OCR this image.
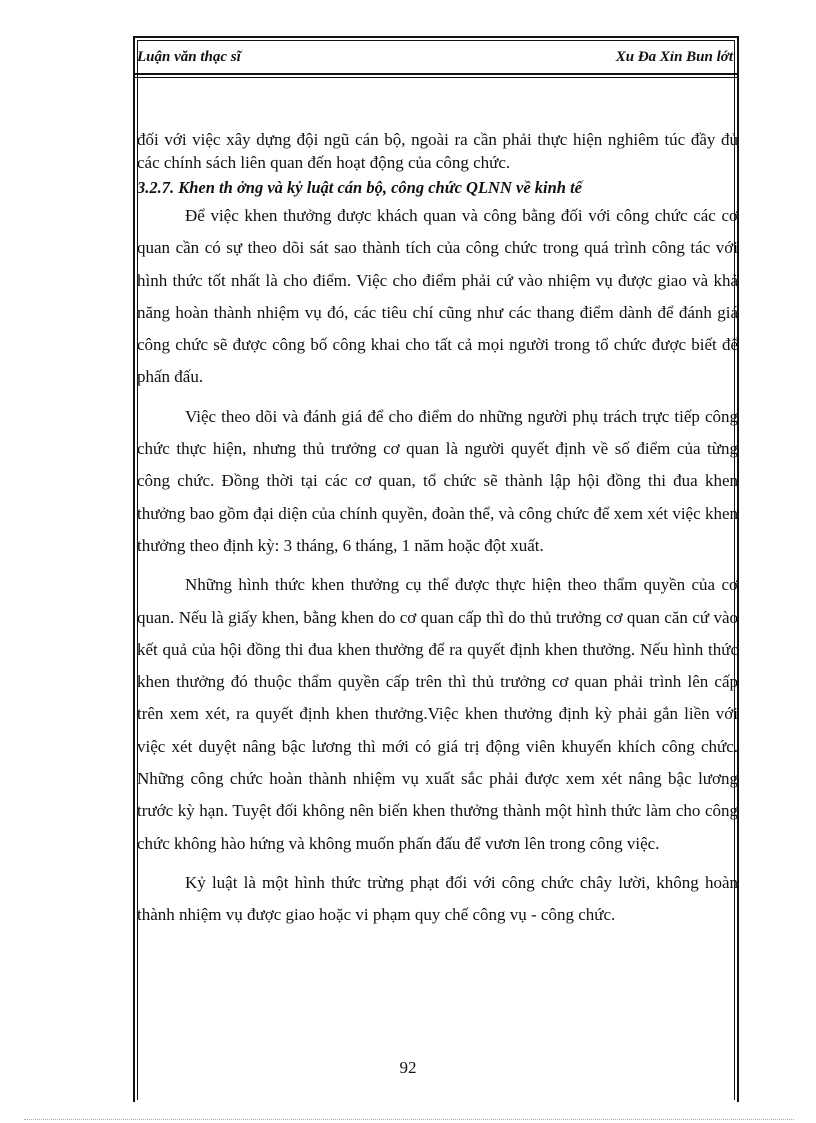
Luận văn thạc sĩ	Xu Đa Xỉn Bun lớt

đối với việc xây dựng đội ngũ cán bộ, ngoài ra cần phải thực hiện nghiêm túc đầy đủ các chính sách liên quan đến hoạt động của công chức.

3.2.7. Khen th ởng và kỷ luật cán bộ, công chức QLNN về kinh tế

Để việc khen thưởng được khách quan và công bằng đối với công chức các cơ quan cần có sự theo dõi sát sao thành tích của công chức trong quá trình công tác với hình thức tốt nhất là cho điểm. Việc cho điểm phải cứ vào nhiệm vụ được giao và khả năng hoàn thành nhiệm vụ đó, các tiêu chí cũng như các thang điểm dành để đánh giá công chức sẽ được công bố công khai cho tất cả mọi người trong tổ chức được biết để phấn đấu.

Việc theo dõi và đánh giá để cho điểm do những người phụ trách trực tiếp công chức thực hiện, nhưng thủ trưởng cơ quan là người quyết định về số điểm của từng công chức. Đồng thời tại các cơ quan, tổ chức sẽ thành lập hội đồng thi đua khen thưởng bao gồm đại diện của chính quyền, đoàn thể, và công chức để xem xét việc khen thưởng theo định kỳ: 3 tháng, 6 tháng, 1 năm hoặc đột xuất.

Những hình thức khen thưởng cụ thể được thực hiện theo thẩm quyền của cơ quan. Nếu là giấy khen, bằng khen do cơ quan cấp thì do thủ trưởng cơ quan căn cứ vào kết quả của hội đồng thi đua khen thưởng để ra quyết định khen thưởng. Nếu hình thức khen thưởng đó thuộc thẩm quyền cấp trên thì thủ trưởng cơ quan phải trình lên cấp trên xem xét, ra quyết định khen thưởng.Việc khen thưởng định kỳ phải gắn liền với việc xét duyệt nâng bậc lương thì mới có giá trị động viên khuyến khích công chức. Những công chức hoàn thành nhiệm vụ xuất sắc phải được xem xét nâng bậc lương trước kỳ hạn. Tuyệt đối không nên biến khen thưởng thành một hình thức làm cho công chức không hào hứng và không muốn phấn đấu để vươn lên trong công việc.

Kỷ luật là một hình thức trừng phạt đối với công chức chây lười, không hoàn thành nhiệm vụ được giao hoặc vi phạm quy chế công vụ - công chức.

92
